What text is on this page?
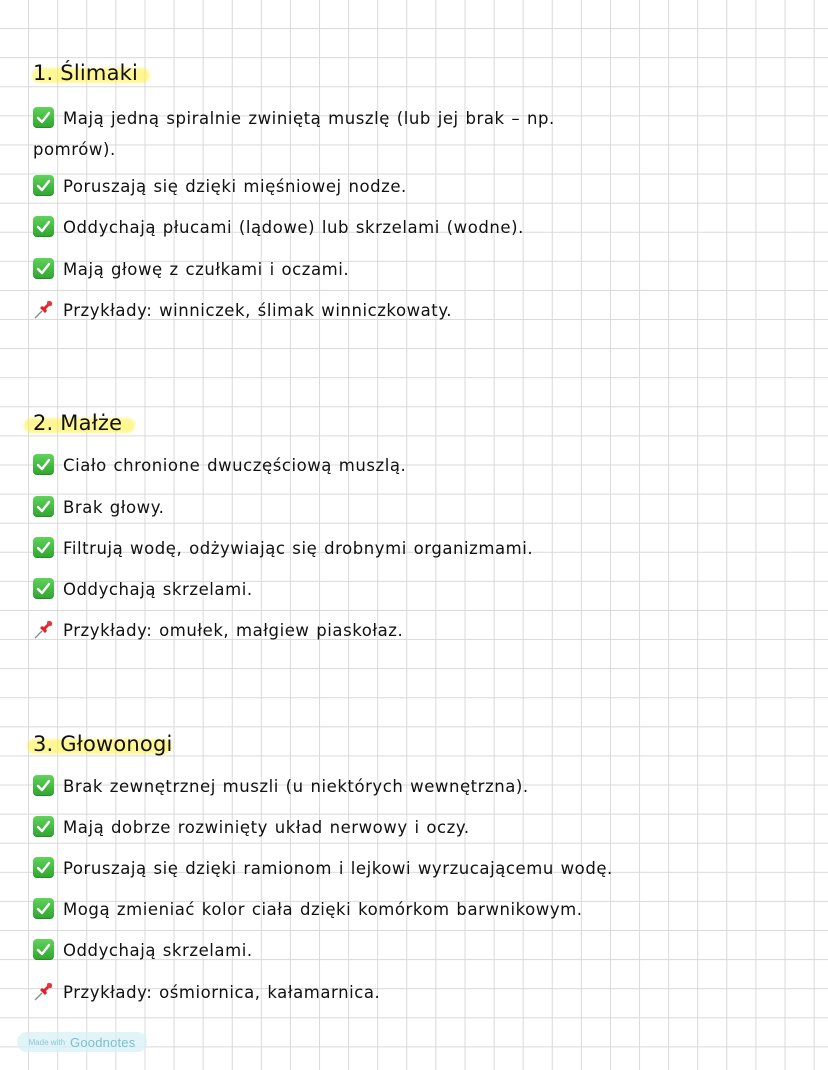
1. Ślimaki
Mają jedną spiralnie zwiniętą muszlę (lub jej brak – np. pomrów).
Poruszają się dzięki mięśniowej nodze.
Oddychają płucami (lądowe) lub skrzelami (wodne).
Mają głowę z czułkami i oczami.
Przykłady: winniczek, ślimak winniczkowaty.
2. Małże
Ciało chronione dwuczęściową muszlą.
Brak głowy.
Filtrują wodę, odżywiając się drobnymi organizmami.
Oddychają skrzelami.
Przykłady: omułek, małgiew piaskołaz.
3. Głowonogi
Brak zewnętrznej muszli (u niektórych wewnętrzna).
Mają dobrze rozwinięty układ nerwowy i oczy.
Poruszają się dzięki ramionom i lejkowi wyrzucającemu wodę.
Mogą zmieniać kolor ciała dzięki komórkom barwnikowym.
Oddychają skrzelami.
Przykłady: ośmiornica, kałamarnica.
Made with Goodnotes
